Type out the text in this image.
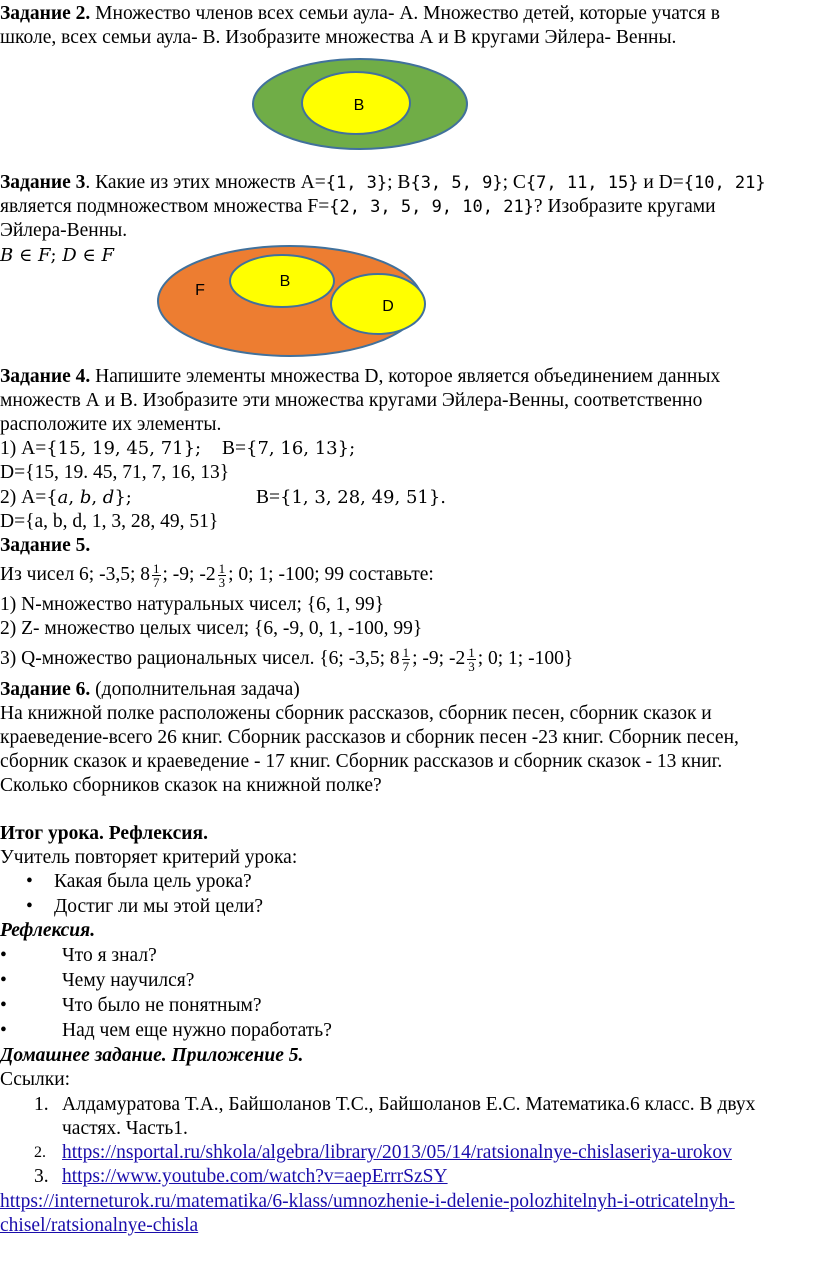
Задание 2. Множество членов всех семьи аула- А. Множество детей, которые учатся в
школе, всех семьи аула- В. Изобразите множества А и В кругами Эйлера- Венны.
В
Задание 3. Какие из этих множеств А={1, 3}; В{3, 5, 9}; С{7, 11, 15} и D={10, 21}
является подмножеством множества F={2, 3, 5, 9, 10, 21}? Изобразите кругами
Эйлера-Венны.
𝐵 ∈ 𝐹; 𝐷 ∈ 𝐹
F
B
D
Задание 4. Напишите элементы множества D, которое является объединением данных
множеств А и В. Изобразите эти множества кругами Эйлера-Венны, соответственно
расположите их элементы.
1) А={15, 19, 45, 71}; В={7, 16, 13};
D={15, 19. 45, 71, 7, 16, 13}
2) А={𝑎, 𝑏, 𝑑};	В={1, 3, 28, 49, 51}.
D={a, b, d, 1, 3, 28, 49, 51}
Задание 5.
Из чисел 6; -3,5; $8 \frac{1}{7}$ ; -9; $-2 \frac{1}{3}$ ; 0; 1; -100; 99 составьте:
1) N-множество натуральных чисел; {6, 1, 99}
2) Z- множество целых чисел; {6, -9, 0, 1, -100, 99}
3) Q-множество рациональных чисел. {6; -3,5; $8 \frac{1}{7}$ ; -9; $-2 \frac{1}{3}$ ; 0; 1; -100}
Задание 6. (дополнительная задача)
На книжной полке расположены сборник рассказов, сборник песен, сборник сказок и
краеведение-всего 26 книг. Сборник рассказов и сборник песен -23 книг. Сборник песен,
сборник сказок и краеведение - 17 книг. Сборник рассказов и сборник сказок - 13 книг.
Сколько сборников сказок на книжной полке?
Итог урока. Рефлексия.
Учитель повторяет критерий урока:
• Какая была цель урока?
• Достиг ли мы этой цели?
Рефлексия.
•	Что я знал?
•	Чему научился?
•	Что было не понятным?
•	Над чем еще нужно поработать?
Домашнее задание. Приложение 5.
Ссылки:
1. Алдамуратова Т.А., Байшоланов Т.С., Байшоланов Е.С. Математика.6 класс. В двух
частях. Часть1.
2. https://nsportal.ru/shkola/algebra/library/2013/05/14/ratsionalnye-chislaseriya-urokov
3. https://www.youtube.com/watch?v=aepErrrSzSY
https://interneturok.ru/matematika/6-klass/umnozhenie-i-delenie-polozhitelnyh-i-otricatelnyh-
chisel/ratsionalnye-chisla
